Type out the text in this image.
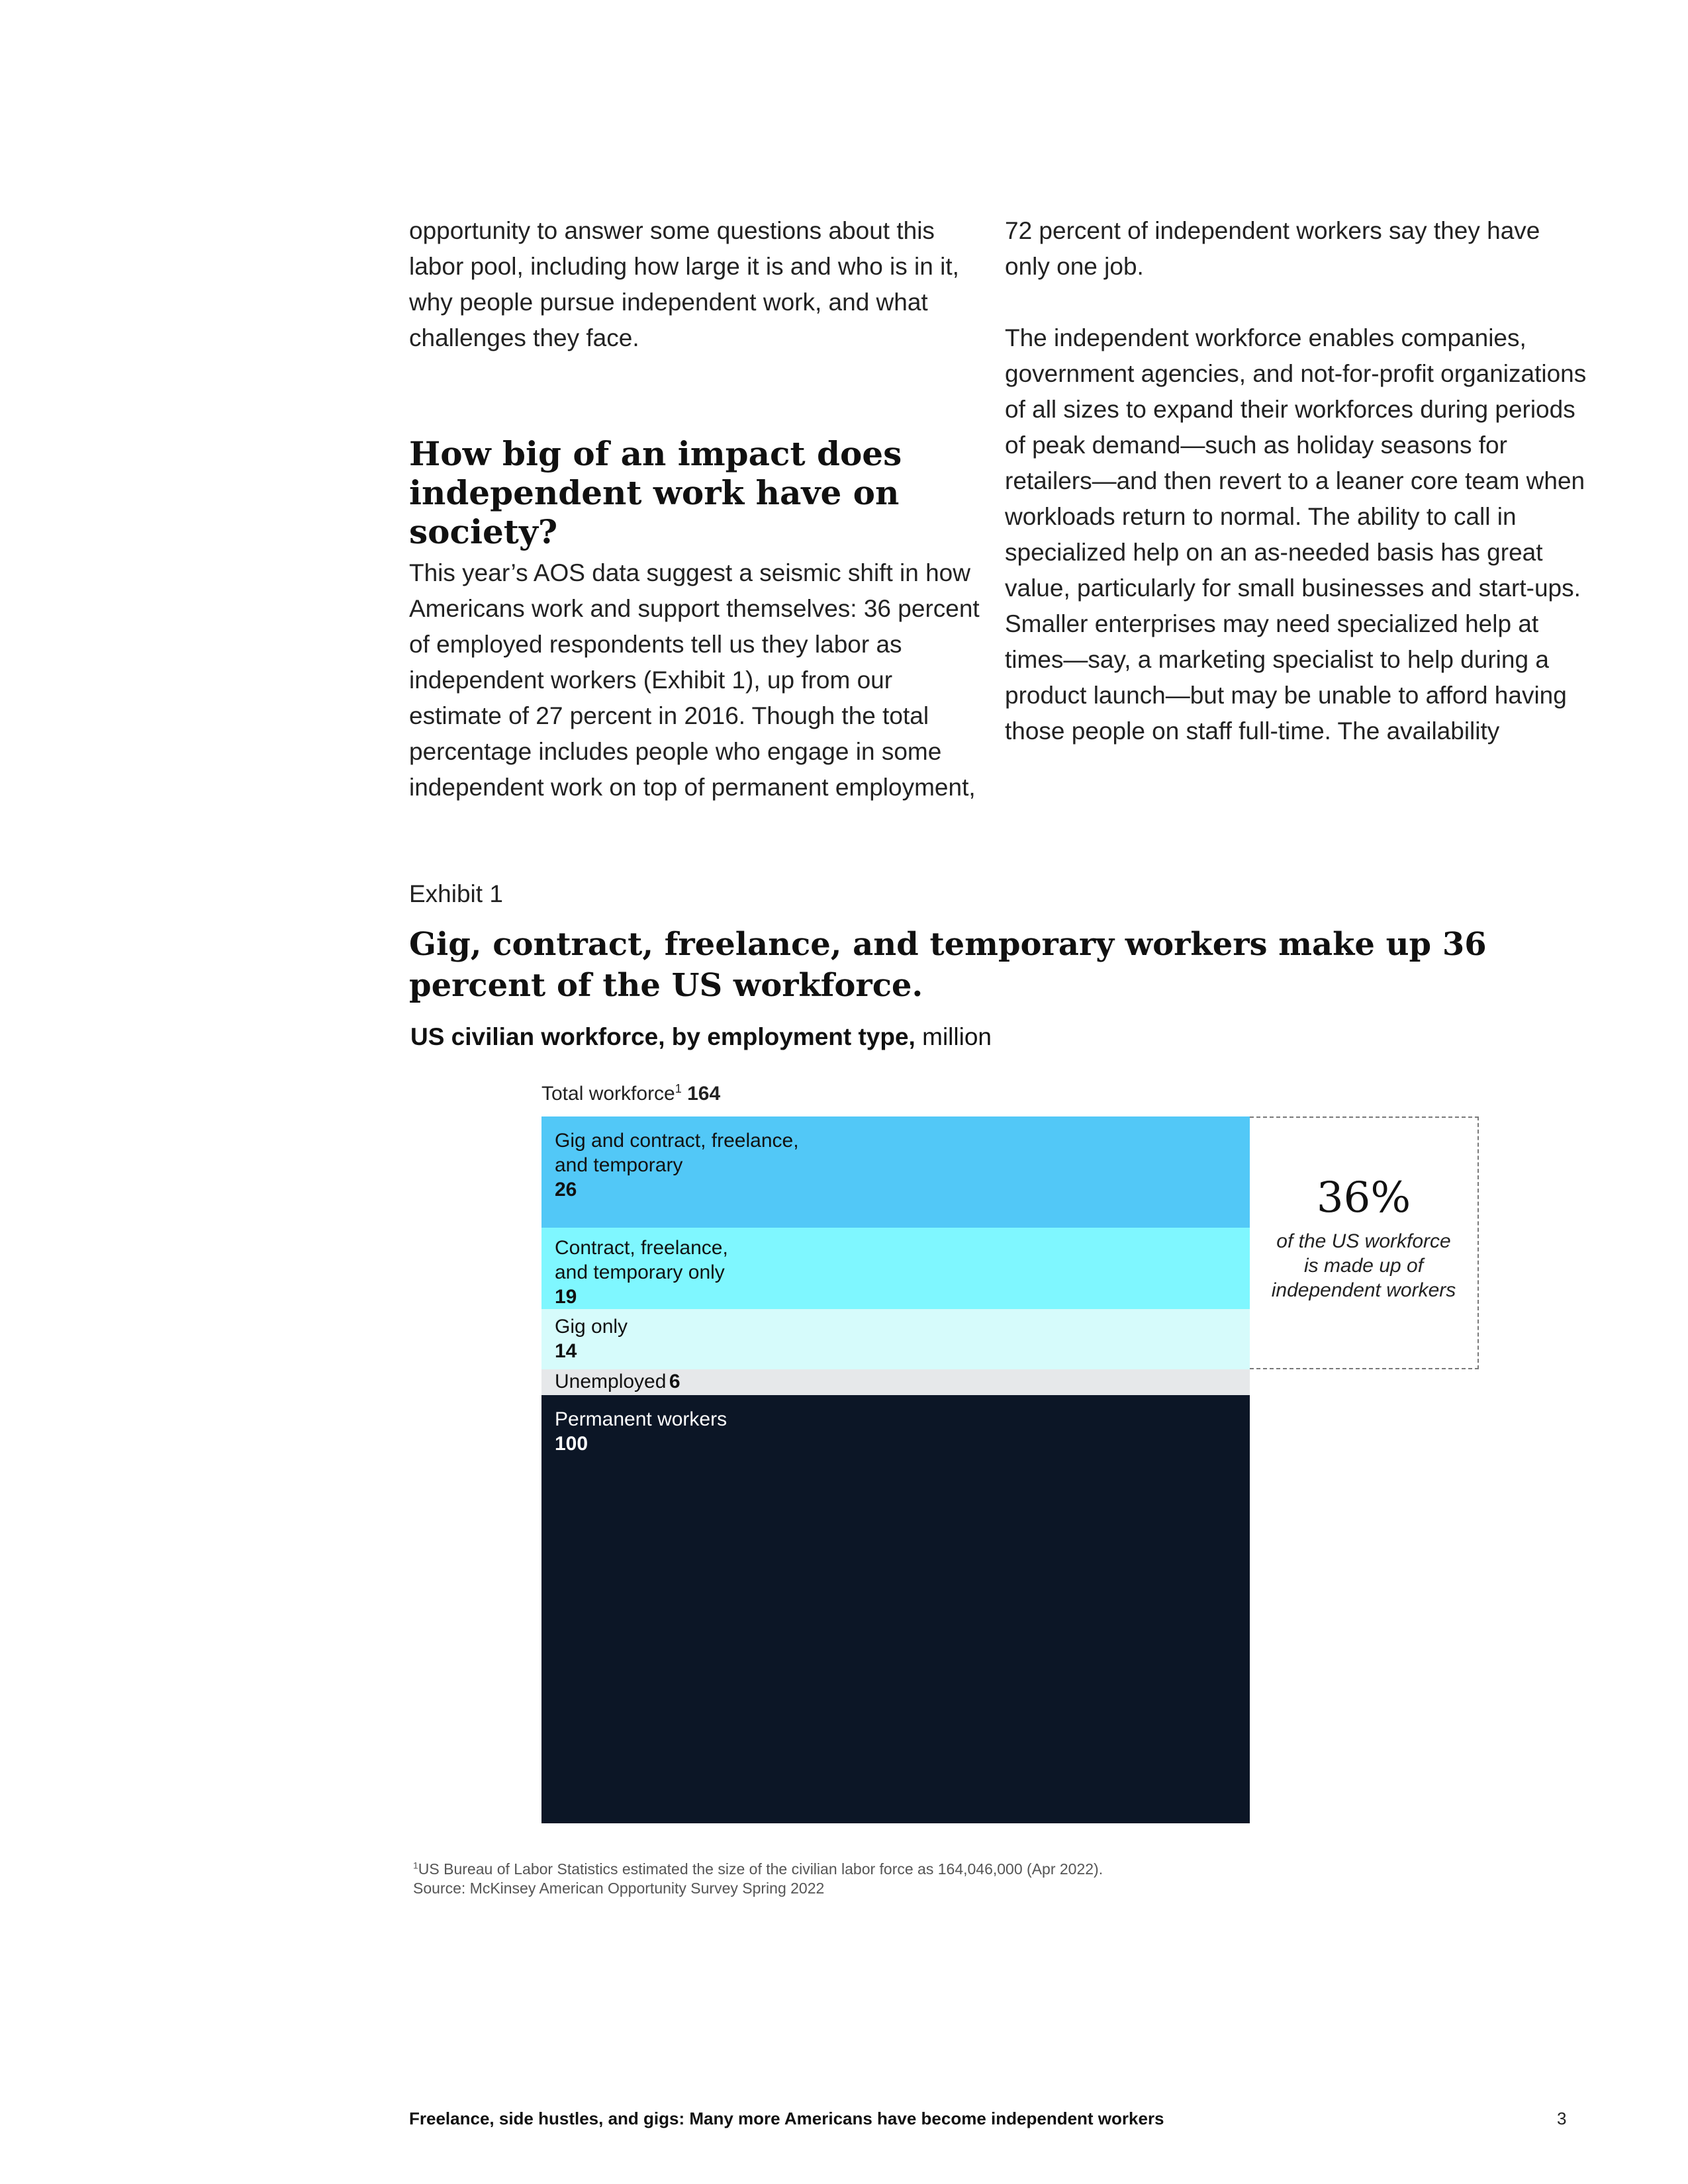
opportunity to answer some questions about this labor pool, including how large it is and who is in it, why people pursue independent work, and what challenges they face.

How big of an impact does independent work have on society?

This year’s AOS data suggest a seismic shift in how Americans work and support themselves: 36 percent of employed respondents tell us they labor as independent workers (Exhibit 1), up from our estimate of 27 percent in 2016. Though the total percentage includes people who engage in some independent work on top of permanent employment,

72 percent of independent workers say they have only one job.

The independent workforce enables companies, government agencies, and not-for-profit organizations of all sizes to expand their workforces during periods of peak demand—such as holiday seasons for retailers—and then revert to a leaner core team when workloads return to normal. The ability to call in specialized help on an as-needed basis has great value, particularly for small businesses and start-ups. Smaller enterprises may need specialized help at times—say, a marketing specialist to help during a product launch—but may be unable to afford having those people on staff full-time. The availability

Exhibit 1
Gig, contract, freelance, and temporary workers make up 36 percent of the US workforce.
US civilian workforce, by employment type, million
Total workforce$^1$ 164
Gig and contract, freelance,
and temporary
26
Contract, freelance,
and temporary only
19
Gig only
14
Unemployed 6
Permanent workers
100
36%
of the US workforce
is made up of
independent workers
$^1$US Bureau of Labor Statistics estimated the size of the civilian labor force as 164,046,000 (Apr 2022).
Source: McKinsey American Opportunity Survey Spring 2022
Freelance, side hustles, and gigs: Many more Americans have become independent workers	3
